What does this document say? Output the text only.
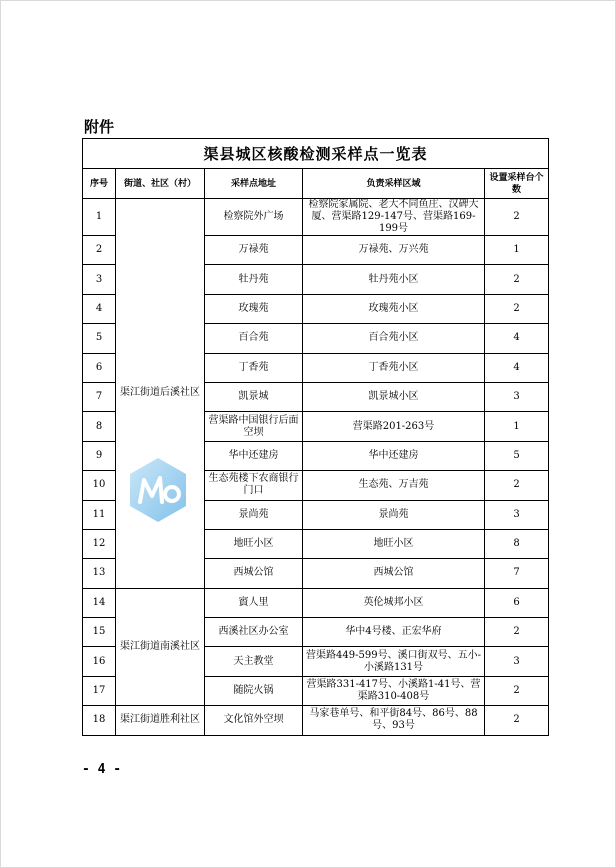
附件
渠县城区核酸检测采样点一览表				
序号	街道、社区（村）	采样点地址	负责采样区域	设置采样台个数
1	渠江街道后溪社区	检察院外广场	检察院家属院、老大不同鱼庄、汉碑大厦、营渠路129-147号、营渠路169-199号	2
2		万禄苑	万禄苑、万兴苑	1
3		牡丹苑	牡丹苑小区	2
4		玫瑰苑	玫瑰苑小区	2
5		百合苑	百合苑小区	4
6		丁香苑	丁香苑小区	4
7		凯景城	凯景城小区	3
8		营渠路中国银行后面空坝	营渠路201-263号	1
9		华中还建房	华中还建房	5
10		生态苑楼下农商银行门口	生态苑、万吉苑	2
11		景尚苑	景尚苑	3
12		地旺小区	地旺小区	8
13		西城公馆	西城公馆	7
14	渠江街道南溪社区	賨人里	英伦城邦小区	6
15		西溪社区办公室	华中4号楼、正宏华府	2
16		天主教堂	营渠路449-599号、溪口街双号、五小-小溪路131号	3
17		随院火锅	营渠路331-417号、小溪路1-41号、营渠路310-408号	2
18	渠江街道胜利社区	文化馆外空坝	马家巷单号、和平街84号、86号、88号、93号	2
- 4 -
